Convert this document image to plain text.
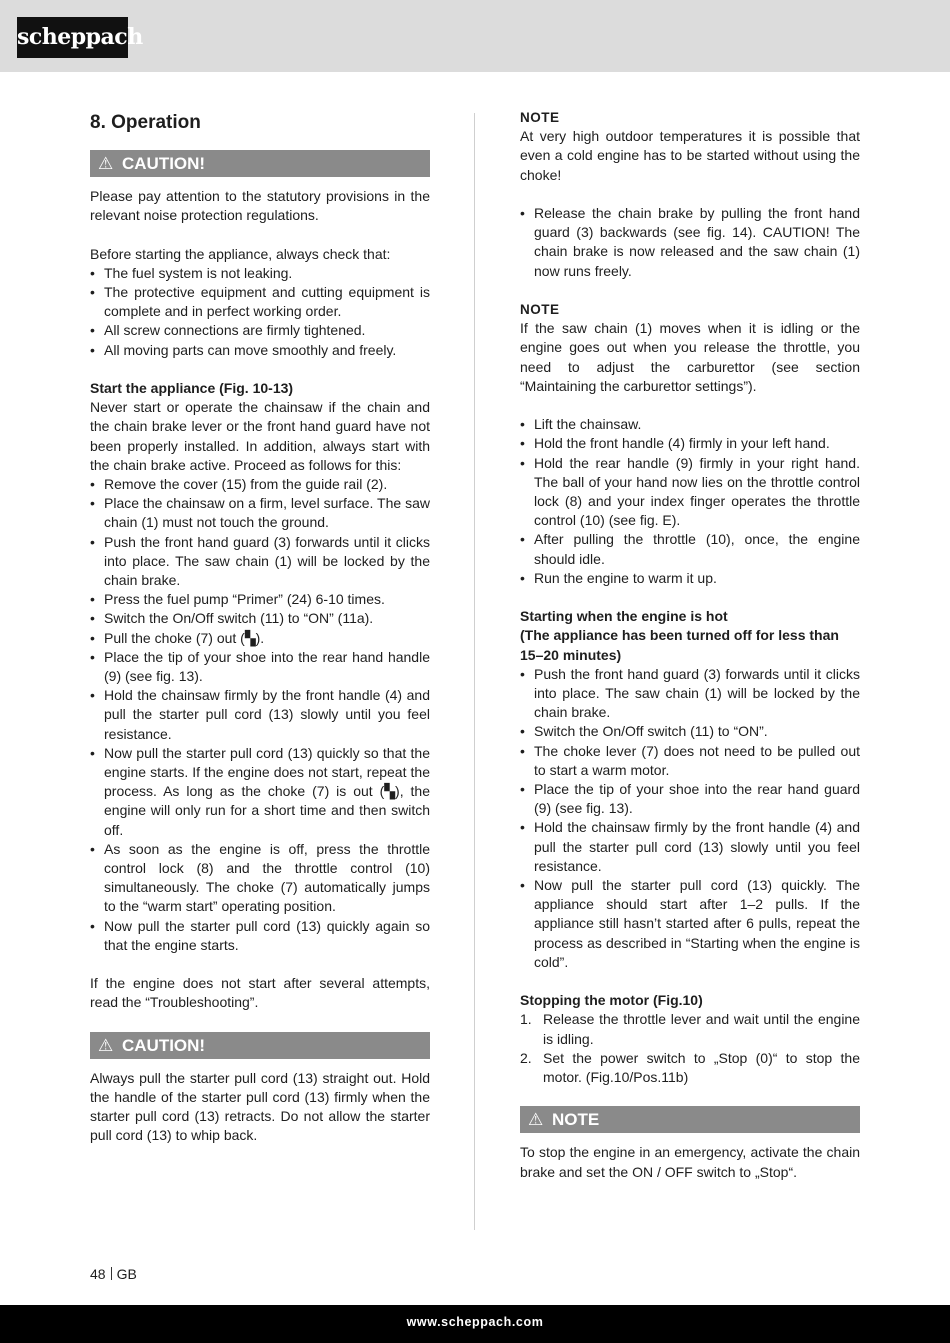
scheppach
8. Operation
⚠ CAUTION!

Please pay attention to the statutory provisions in the relevant noise protection regulations.

Before starting the appliance, always check that:

• The fuel system is not leaking.
• The protective equipment and cutting equipment is complete and in perfect working order.
• All screw connections are firmly tightened.
• All moving parts can move smoothly and freely.

Start the appliance (Fig. 10-13)

Never start or operate the chainsaw if the chain and the chain brake lever or the front hand guard have not been properly installed. In addition, always start with the chain brake active. Proceed as follows for this:

• Remove the cover (15) from the guide rail (2).
• Place the chainsaw on a firm, level surface. The saw chain (1) must not touch the ground.
• Push the front hand guard (3) forwards until it clicks into place. The saw chain (1) will be locked by the chain brake.
• Press the fuel pump “Primer” (24) 6-10 times.
• Switch the On/Off switch (11) to “ON” (11a).
• Pull the choke (7) out (▚).
• Place the tip of your shoe into the rear hand handle (9) (see fig. 13).
• Hold the chainsaw firmly by the front handle (4) and pull the starter pull cord (13) slowly until you feel resistance.
• Now pull the starter pull cord (13) quickly so that the engine starts. If the engine does not start, repeat the process. As long as the choke (7) is out (▚), the engine will only run for a short time and then switch off.
• As soon as the engine is off, press the throttle control lock (8) and the throttle control (10) simultaneously. The choke (7) automatically jumps to the “warm start” operating position.
• Now pull the starter pull cord (13) quickly again so that the engine starts.

If the engine does not start after several attempts, read the “Troubleshooting”.

⚠ CAUTION!

Always pull the starter pull cord (13) straight out. Hold the handle of the starter pull cord (13) firmly when the starter pull cord (13) retracts. Do not allow the starter pull cord (13) to whip back.

NOTE

At very high outdoor temperatures it is possible that even a cold engine has to be started without using the choke!

• Release the chain brake by pulling the front hand guard (3) backwards (see fig. 14). CAUTION! The chain brake is now released and the saw chain (1) now runs freely.

NOTE

If the saw chain (1) moves when it is idling or the engine goes out when you release the throttle, you need to adjust the carburettor (see section “Maintaining the carburettor settings”).

• Lift the chainsaw.
• Hold the front handle (4) firmly in your left hand.
• Hold the rear handle (9) firmly in your right hand. The ball of your hand now lies on the throttle control lock (8) and your index finger operates the throttle control (10) (see fig. E).
• After pulling the throttle (10), once, the engine should idle.
• Run the engine to warm it up.

Starting when the engine is hot

(The appliance has been turned off for less than 15–20 minutes)

• Push the front hand guard (3) forwards until it clicks into place. The saw chain (1) will be locked by the chain brake.
• Switch the On/Off switch (11) to “ON”.
• The choke lever (7) does not need to be pulled out to start a warm motor.
• Place the tip of your shoe into the rear hand guard (9) (see fig. 13).
• Hold the chainsaw firmly by the front handle (4) and pull the starter pull cord (13) slowly until you feel resistance.
• Now pull the starter pull cord (13) quickly. The appliance should start after 1–2 pulls. If the appliance still hasn’t started after 6 pulls, repeat the process as described in “Starting when the engine is cold”.

Stopping the motor (Fig.10)

1. Release the throttle lever and wait until the engine is idling.
2. Set the power switch to „Stop (0)“ to stop the motor. (Fig.10/Pos.11b)
⚠ NOTE

To stop the engine in an emergency, activate the chain brake and set the ON / OFF switch to „Stop“.

48 GB
www.scheppach.com
